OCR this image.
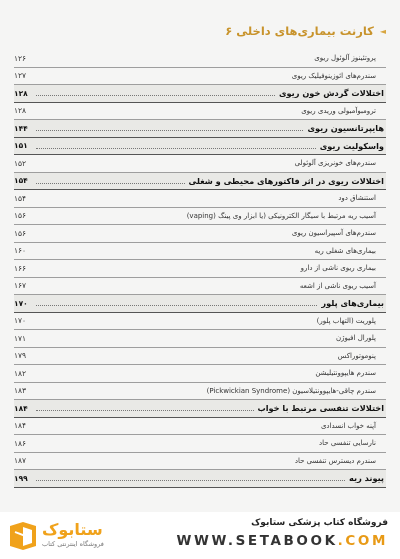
◄
کارنت بیماری‌های داخلی ۶
پروتئینوز آلوئول ریوی
۱۲۶
سندرم‌های ائوزینوفیلیک ریوی
۱۲۷
اختلالات گردش خون ریوی
۱۲۸
ترومبوآمبولی وریدی ریوی
۱۲۸
هایپرتانسیون ریوی
۱۴۴
واسکولیت ریوی
۱۵۱
سندرم‌های خونریزی آلوئولی
۱۵۲
اختلالات ریوی در اثر فاکتورهای محیطی و شغلی
۱۵۴
استنشاق دود
۱۵۴
آسیب ریه مرتبط با سیگار الکترونیکی (یا ابزار وی پینگ (vaping)
۱۵۶
سندرم‌های آسپیراسیون ریوی
۱۵۶
بیماری‌های شغلی ریه
۱۶۰
بیماری ریوی ناشی از دارو
۱۶۶
آسیب ریوی ناشی از اشعه
۱۶۷
بیماری‌های پلور
۱۷۰
پلوریت (التهاب پلور)
۱۷۰
پلورال افیوژن
۱۷۱
پنوموتوراکس
۱۷۹
سندرم هایپوونتیلیشن
۱۸۲
سندرم چاقی-هایپوونتیلاسیون (Pickwickian Syndrome)
۱۸۳
اختلالات تنفسی مرتبط با خواب
۱۸۴
آپنه خواب انسدادی
۱۸۴
نارسایی تنفسی حاد
۱۸۶
سندرم دیسترس تنفسی حاد
۱۸۷
پیوند ریه
۱۹۹
ستابوک
فروشگاه اینترنتی کتاب
فروشگاه کتاب پزشکی ستابوک
WWW.SETABOOK.COM
